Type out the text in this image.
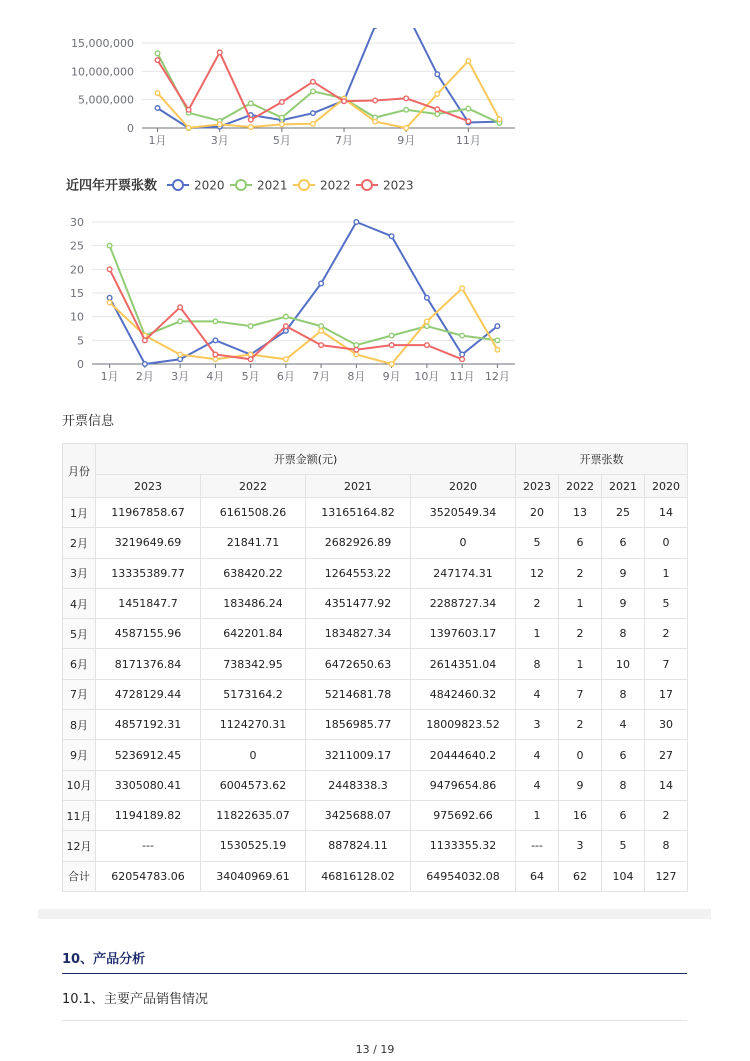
0
5,000,000
10,000,000
15,000,000
1月	3月	5月	7月	9月	11月
0
5
10
15
20
25
30
1月 2月 3月 4月 5月 6月 7月 8月 9月 10月 11月 12月
近四年开票张数	2020	2021	2022	2023
开票信息
月份	开票金额(元)				开票张数			
	2023	2022	2021	2020	2023	2022	2021	2020
1月	11967858.67	6161508.26	13165164.82	3520549.34	20	13	25	14
2月	3219649.69	21841.71	2682926.89	0	5	6	6	0
3月	13335389.77	638420.22	1264553.22	247174.31	12	2	9	1
4月	1451847.7	183486.24	4351477.92	2288727.34	2	1	9	5
5月	4587155.96	642201.84	1834827.34	1397603.17	1	2	8	2
6月	8171376.84	738342.95	6472650.63	2614351.04	8	1	10	7
7月	4728129.44	5173164.2	5214681.78	4842460.32	4	7	8	17
8月	4857192.31	1124270.31	1856985.77	18009823.52	3	2	4	30
9月	5236912.45	0	3211009.17	20444640.2	4	0	6	27
10月	3305080.41	6004573.62	2448338.3	9479654.86	4	9	8	14
11月	1194189.82	11822635.07	3425688.07	975692.66	1	16	6	2
12月	---	1530525.19	887824.11	1133355.32	---	3	5	8
合计	62054783.06	34040969.61	46816128.02	64954032.08	64	62	104	127
10、产品分析
10.1、主要产品销售情况
13 / 19
